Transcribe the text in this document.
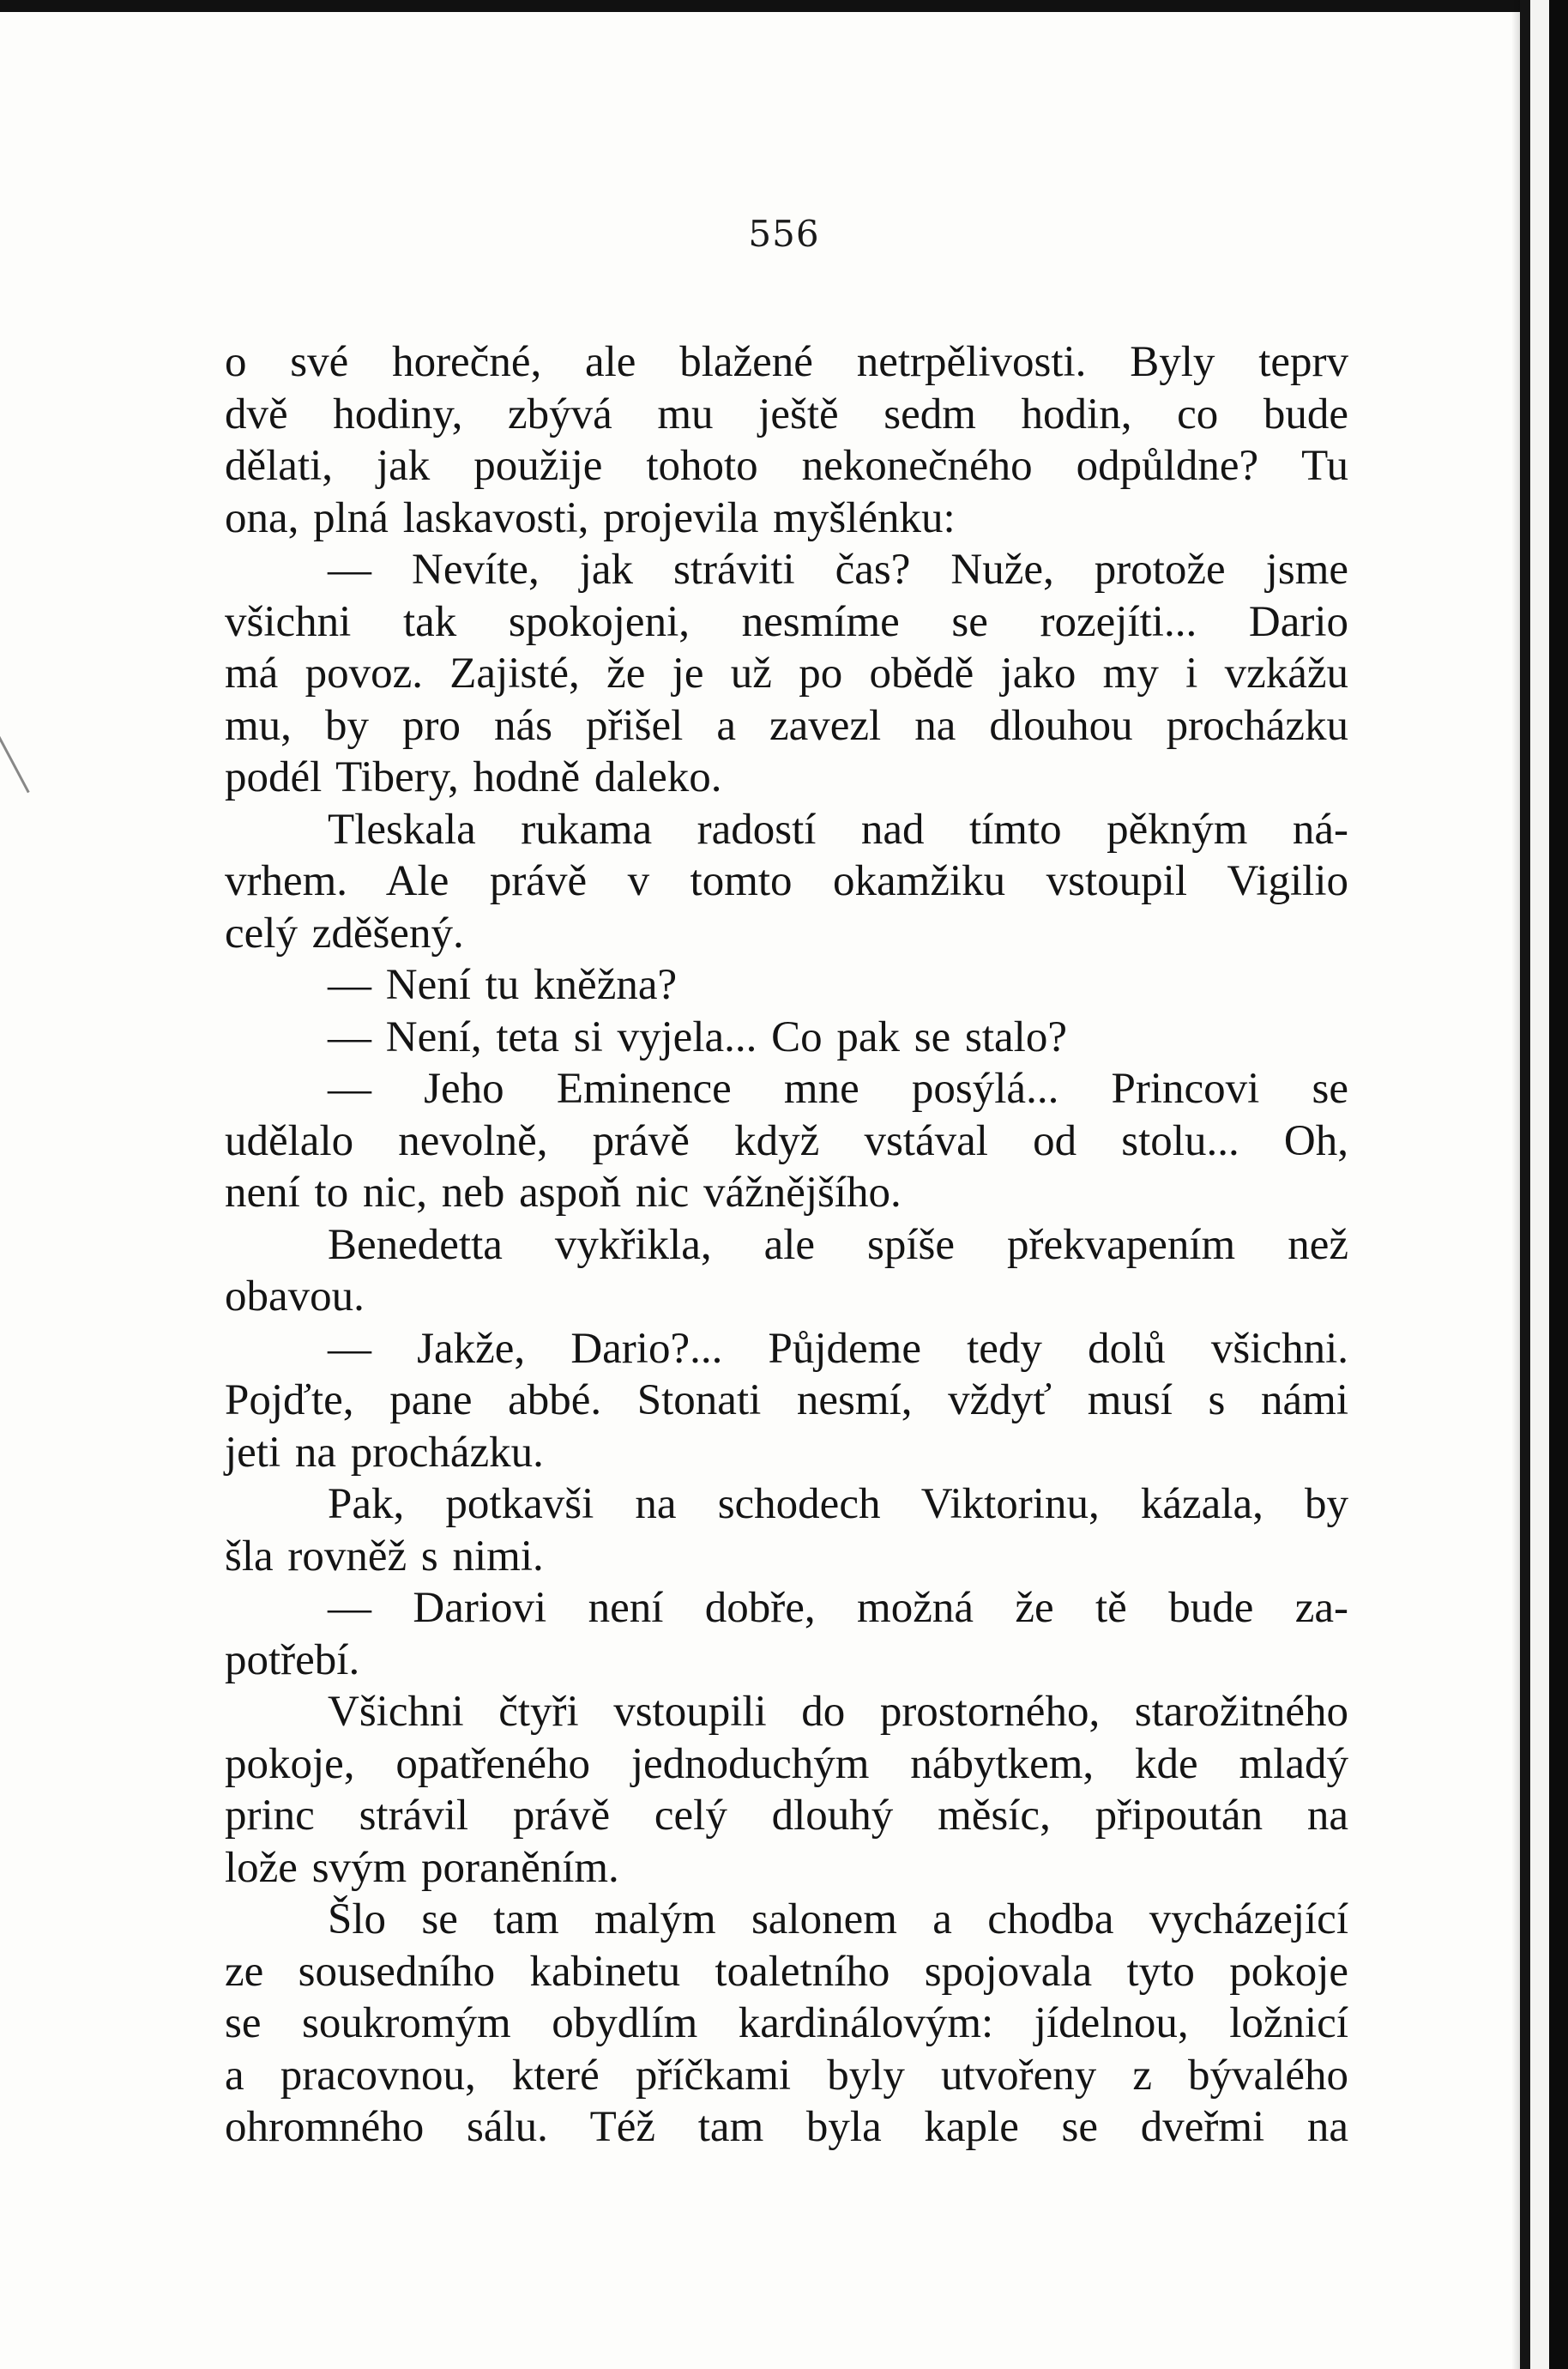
556
o své horečné, ale blažené netrpělivosti. Byly teprv
dvě hodiny, zbývá mu ještě sedm hodin, co bude
dělati, jak použije tohoto nekonečného odpůldne? Tu
ona, plná laskavosti, projevila myšlénku:
— Nevíte, jak stráviti čas? Nuže, protože jsme
všichni tak spokojeni, nesmíme se rozejíti... Dario
má povoz. Zajisté, že je už po obědě jako my i vzkážu
mu, by pro nás přišel a zavezl na dlouhou procházku
podél Tibery, hodně daleko.
Tleskala rukama radostí nad tímto pěkným ná-
vrhem. Ale právě v tomto okamžiku vstoupil Vigilio
celý zděšený.
— Není tu kněžna?
— Není, teta si vyjela... Co pak se stalo?
— Jeho Eminence mne posýlá... Princovi se
udělalo nevolně, právě když vstával od stolu... Oh,
není to nic, neb aspoň nic vážnějšího.
Benedetta vykřikla, ale spíše překvapením než
obavou.
— Jakže, Dario?... Půjdeme tedy dolů všichni.
Pojďte, pane abbé. Stonati nesmí, vždyť musí s námi
jeti na procházku.
Pak, potkavši na schodech Viktorinu, kázala, by
šla rovněž s nimi.
— Dariovi není dobře, možná že tě bude za-
potřebí.
Všichni čtyři vstoupili do prostorného, starožitného
pokoje, opatřeného jednoduchým nábytkem, kde mladý
princ strávil právě celý dlouhý měsíc, připoután na
lože svým poraněním.
Šlo se tam malým salonem a chodba vycházející
ze sousedního kabinetu toaletního spojovala tyto pokoje
se soukromým obydlím kardinálovým: jídelnou, ložnicí
a pracovnou, které příčkami byly utvořeny z bývalého
ohromného sálu. Též tam byla kaple se dveřmi na
